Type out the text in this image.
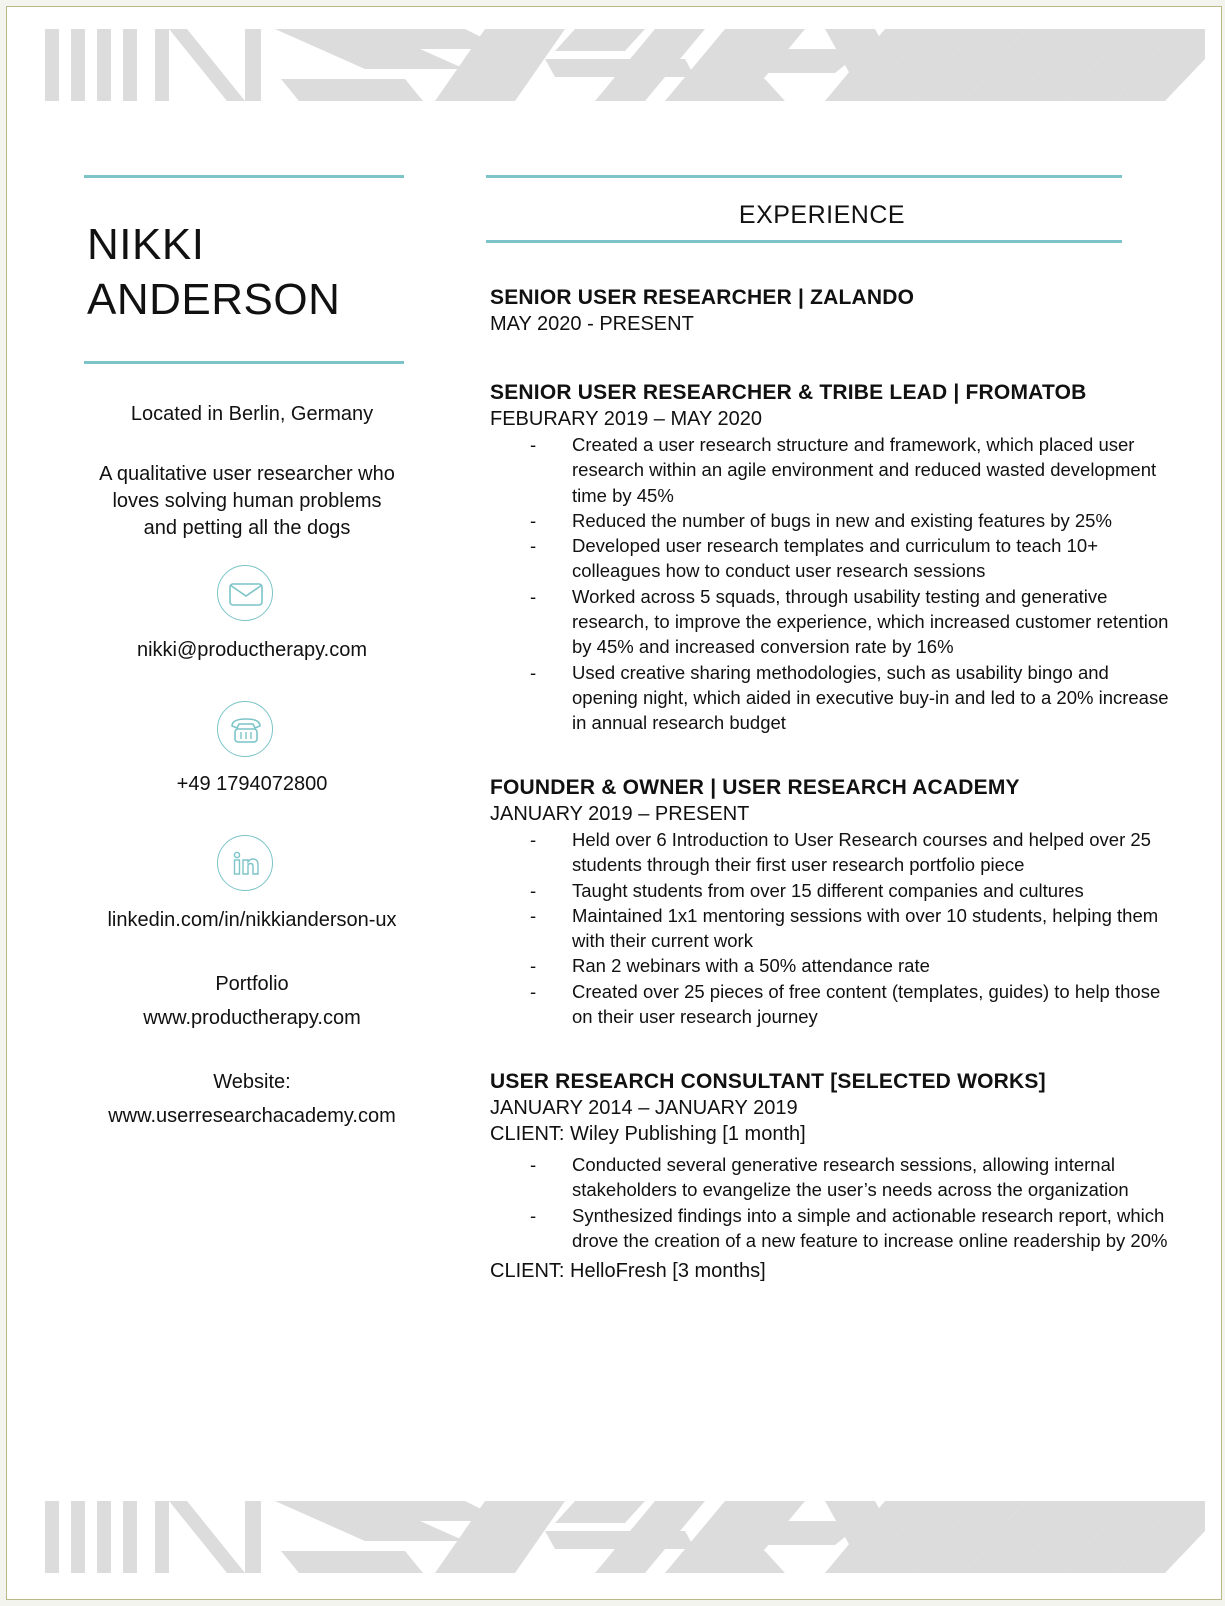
NIKKI
ANDERSON
Located in Berlin, Germany
A qualitative user researcher who loves solving human problems and petting all the dogs
nikki@productherapy.com
+49 1794072800
linkedin.com/in/nikkianderson-ux
Portfolio
www.productherapy.com
Website:
www.userresearchacademy.com
EXPERIENCE
SENIOR USER RESEARCHER | ZALANDO
MAY 2020 - PRESENT
SENIOR USER RESEARCHER & TRIBE LEAD | FROMATOB
FEBURARY 2019 – MAY 2020
- Created a user research structure and framework, which placed user research within an agile environment and reduced wasted development time by 45%
- Reduced the number of bugs in new and existing features by 25%
- Developed user research templates and curriculum to teach 10+ colleagues how to conduct user research sessions
- Worked across 5 squads, through usability testing and generative research, to improve the experience, which increased customer retention by 45% and increased conversion rate by 16%
- Used creative sharing methodologies, such as usability bingo and opening night, which aided in executive buy-in and led to a 20% increase in annual research budget
FOUNDER & OWNER | USER RESEARCH ACADEMY
JANUARY 2019 – PRESENT
- Held over 6 Introduction to User Research courses and helped over 25 students through their first user research portfolio piece
- Taught students from over 15 different companies and cultures
- Maintained 1x1 mentoring sessions with over 10 students, helping them with their current work
- Ran 2 webinars with a 50% attendance rate
- Created over 25 pieces of free content (templates, guides) to help those on their user research journey
USER RESEARCH CONSULTANT [SELECTED WORKS]
JANUARY 2014 – JANUARY 2019
CLIENT: Wiley Publishing [1 month]
- Conducted several generative research sessions, allowing internal stakeholders to evangelize the user’s needs across the organization
- Synthesized findings into a simple and actionable research report, which drove the creation of a new feature to increase online readership by 20%
CLIENT: HelloFresh [3 months]
